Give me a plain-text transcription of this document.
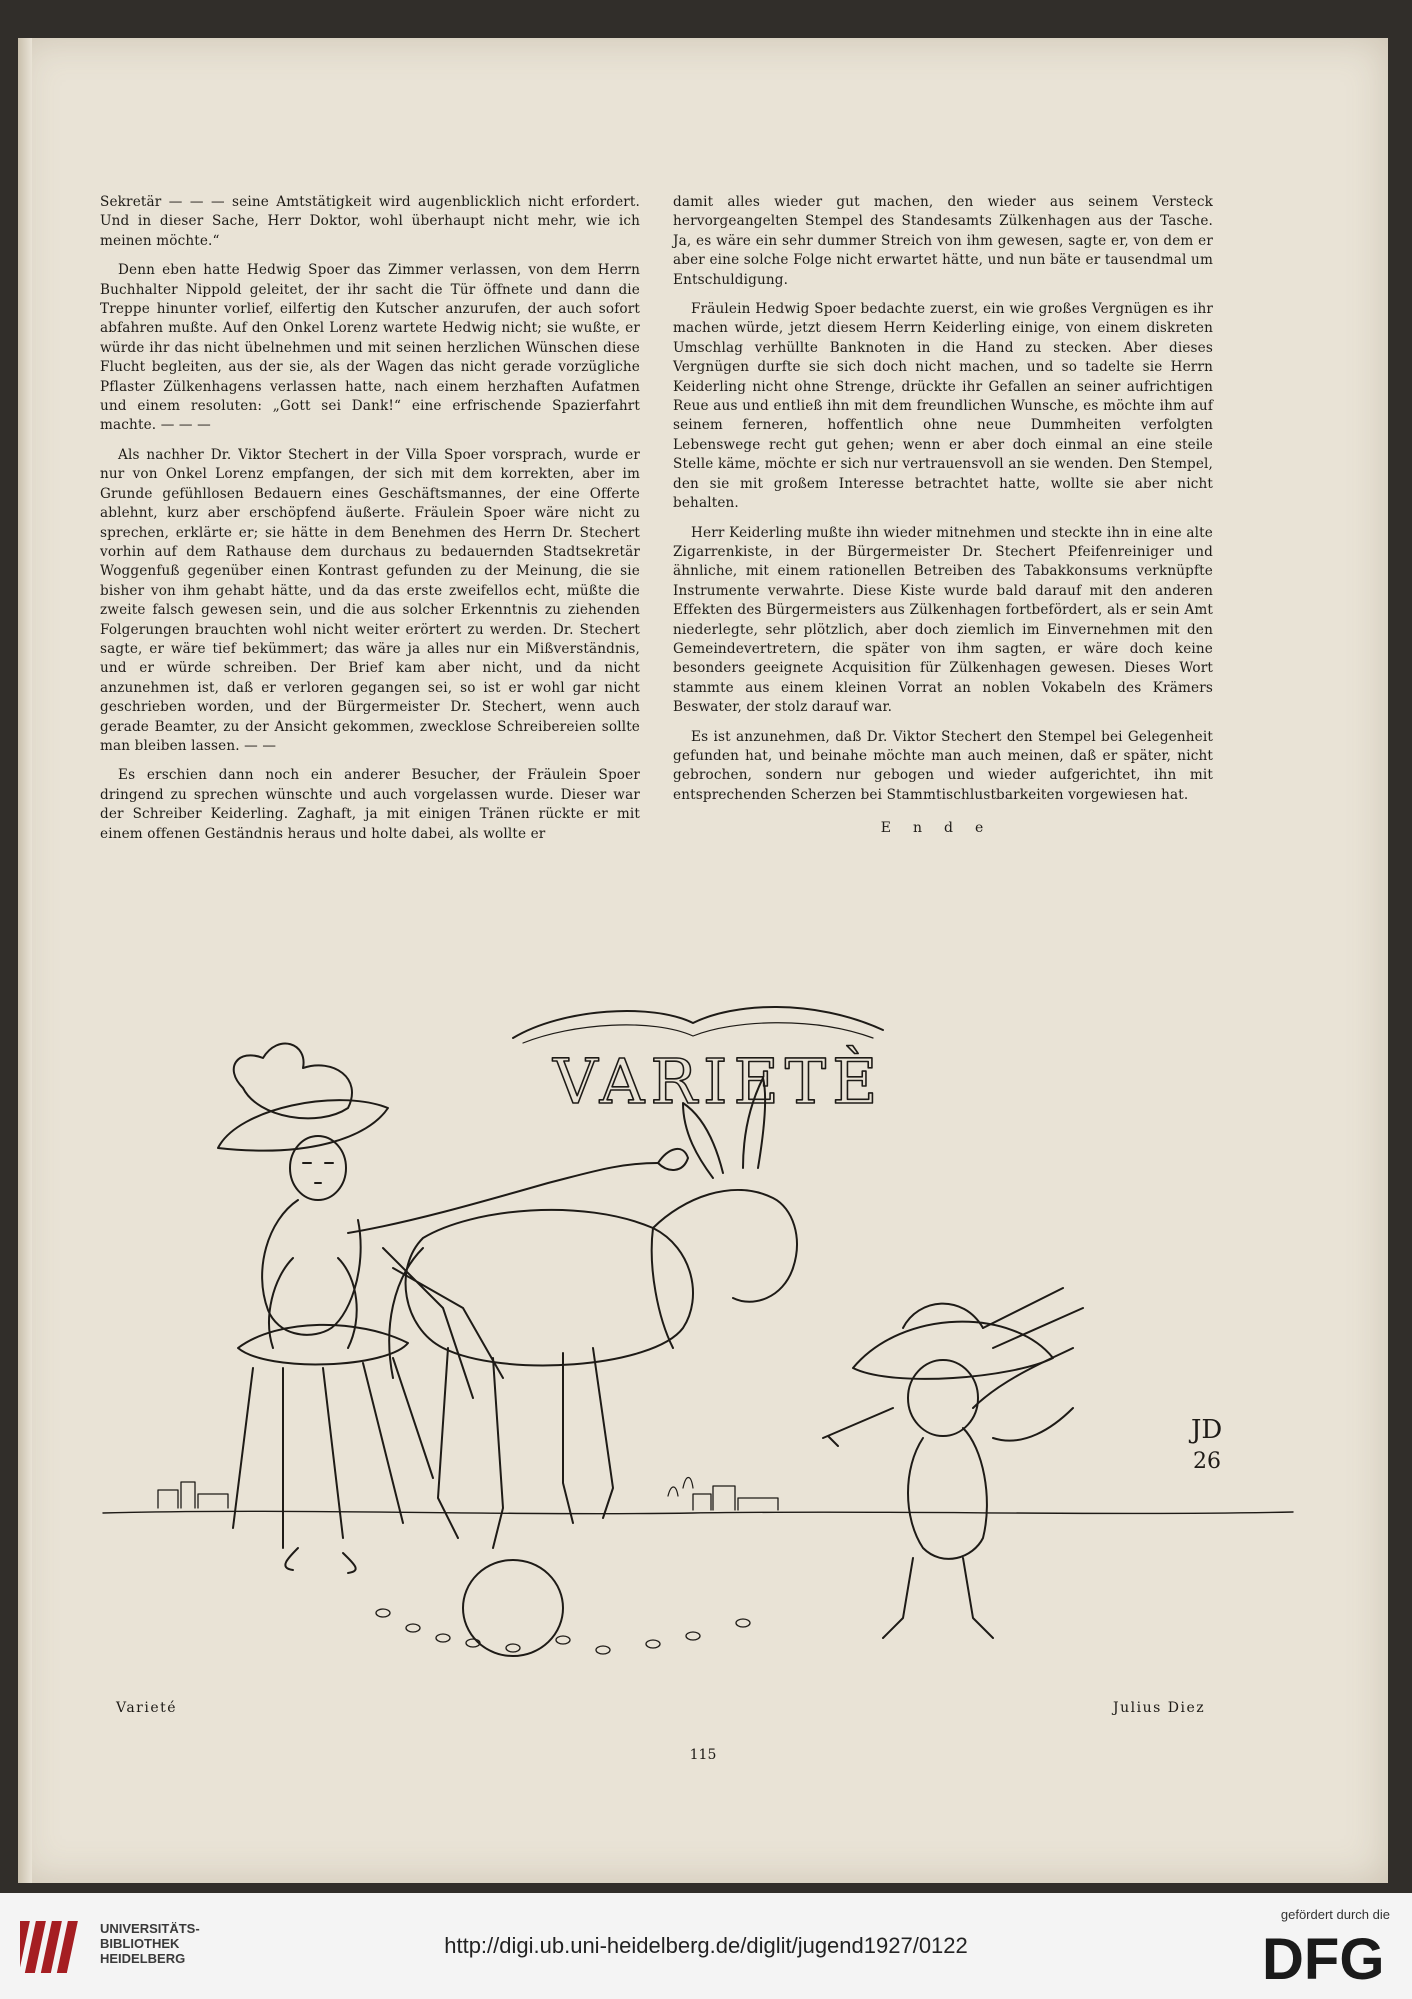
Sekretär — — — seine Amtstätigkeit wird augenblicklich nicht erfordert. Und in dieser Sache, Herr Doktor, wohl überhaupt nicht mehr, wie ich meinen möchte.“

Denn eben hatte Hedwig Spoer das Zimmer verlassen, von dem Herrn Buchhalter Nippold geleitet, der ihr sacht die Tür öffnete und dann die Treppe hinunter vorlief, eilfertig den Kutscher anzurufen, der auch sofort abfahren mußte. Auf den Onkel Lorenz wartete Hedwig nicht; sie wußte, er würde ihr das nicht übelnehmen und mit seinen herzlichen Wünschen diese Flucht begleiten, aus der sie, als der Wagen das nicht gerade vorzügliche Pflaster Zülkenhagens verlassen hatte, nach einem herzhaften Aufatmen und einem resoluten: „Gott sei Dank!“ eine erfrischende Spazierfahrt machte. — — —

Als nachher Dr. Viktor Stechert in der Villa Spoer vorsprach, wurde er nur von Onkel Lorenz empfangen, der sich mit dem korrekten, aber im Grunde gefühllosen Bedauern eines Geschäftsmannes, der eine Offerte ablehnt, kurz aber erschöpfend äußerte. Fräulein Spoer wäre nicht zu sprechen, erklärte er; sie hätte in dem Benehmen des Herrn Dr. Stechert vorhin auf dem Rathause dem durchaus zu bedauernden Stadtsekretär Woggenfuß gegenüber einen Kontrast gefunden zu der Meinung, die sie bisher von ihm gehabt hätte, und da das erste zweifellos echt, müßte die zweite falsch gewesen sein, und die aus solcher Erkenntnis zu ziehenden Folgerungen brauchten wohl nicht weiter erörtert zu werden. Dr. Stechert sagte, er wäre tief bekümmert; das wäre ja alles nur ein Mißverständnis, und er würde schreiben. Der Brief kam aber nicht, und da nicht anzunehmen ist, daß er verloren gegangen sei, so ist er wohl gar nicht geschrieben worden, und der Bürgermeister Dr. Stechert, wenn auch gerade Beamter, zu der Ansicht gekommen, zwecklose Schreibereien sollte man bleiben lassen. — —

Es erschien dann noch ein anderer Besucher, der Fräulein Spoer dringend zu sprechen wünschte und auch vorgelassen wurde. Dieser war der Schreiber Keiderling. Zaghaft, ja mit einigen Tränen rückte er mit einem offenen Geständnis heraus und holte dabei, als wollte er

damit alles wieder gut machen, den wieder aus seinem Versteck hervorgeangelten Stempel des Standesamts Zülkenhagen aus der Tasche. Ja, es wäre ein sehr dummer Streich von ihm gewesen, sagte er, von dem er aber eine solche Folge nicht erwartet hätte, und nun bäte er tausendmal um Entschuldigung.

Fräulein Hedwig Spoer bedachte zuerst, ein wie großes Vergnügen es ihr machen würde, jetzt diesem Herrn Keiderling einige, von einem diskreten Umschlag verhüllte Banknoten in die Hand zu stecken. Aber dieses Vergnügen durfte sie sich doch nicht machen, und so tadelte sie Herrn Keiderling nicht ohne Strenge, drückte ihr Gefallen an seiner aufrichtigen Reue aus und entließ ihn mit dem freundlichen Wunsche, es möchte ihm auf seinem ferneren, hoffentlich ohne neue Dummheiten verfolgten Lebenswege recht gut gehen; wenn er aber doch einmal an eine steile Stelle käme, möchte er sich nur vertrauensvoll an sie wenden. Den Stempel, den sie mit großem Interesse betrachtet hatte, wollte sie aber nicht behalten.

Herr Keiderling mußte ihn wieder mitnehmen und steckte ihn in eine alte Zigarrenkiste, in der Bürgermeister Dr. Stechert Pfeifenreiniger und ähnliche, mit einem rationellen Betreiben des Tabakkonsums verknüpfte Instrumente verwahrte. Diese Kiste wurde bald darauf mit den anderen Effekten des Bürgermeisters aus Zülkenhagen fortbefördert, als er sein Amt niederlegte, sehr plötzlich, aber doch ziemlich im Einvernehmen mit den Gemeindevertretern, die später von ihm sagten, er wäre doch keine besonders geeignete Acquisition für Zülkenhagen gewesen. Dieses Wort stammte aus einem kleinen Vorrat an noblen Vokabeln des Krämers Beswater, der stolz darauf war.

Es ist anzunehmen, daß Dr. Viktor Stechert den Stempel bei Gelegenheit gefunden hat, und beinahe möchte man auch meinen, daß er später, nicht gebrochen, sondern nur gebogen und wieder aufgerichtet, ihn mit entsprechenden Scherzen bei Stammtischlustbarkeiten vorgewiesen hat.

Ende
VARIETÈ
JD
26
Varieté	Julius Diez
115
UNIVERSITÄTS-
BIBLIOTHEK
HEIDELBERG
http://digi.ub.uni-heidelberg.de/diglit/jugend1927/0122
gefördert durch die
DFG
